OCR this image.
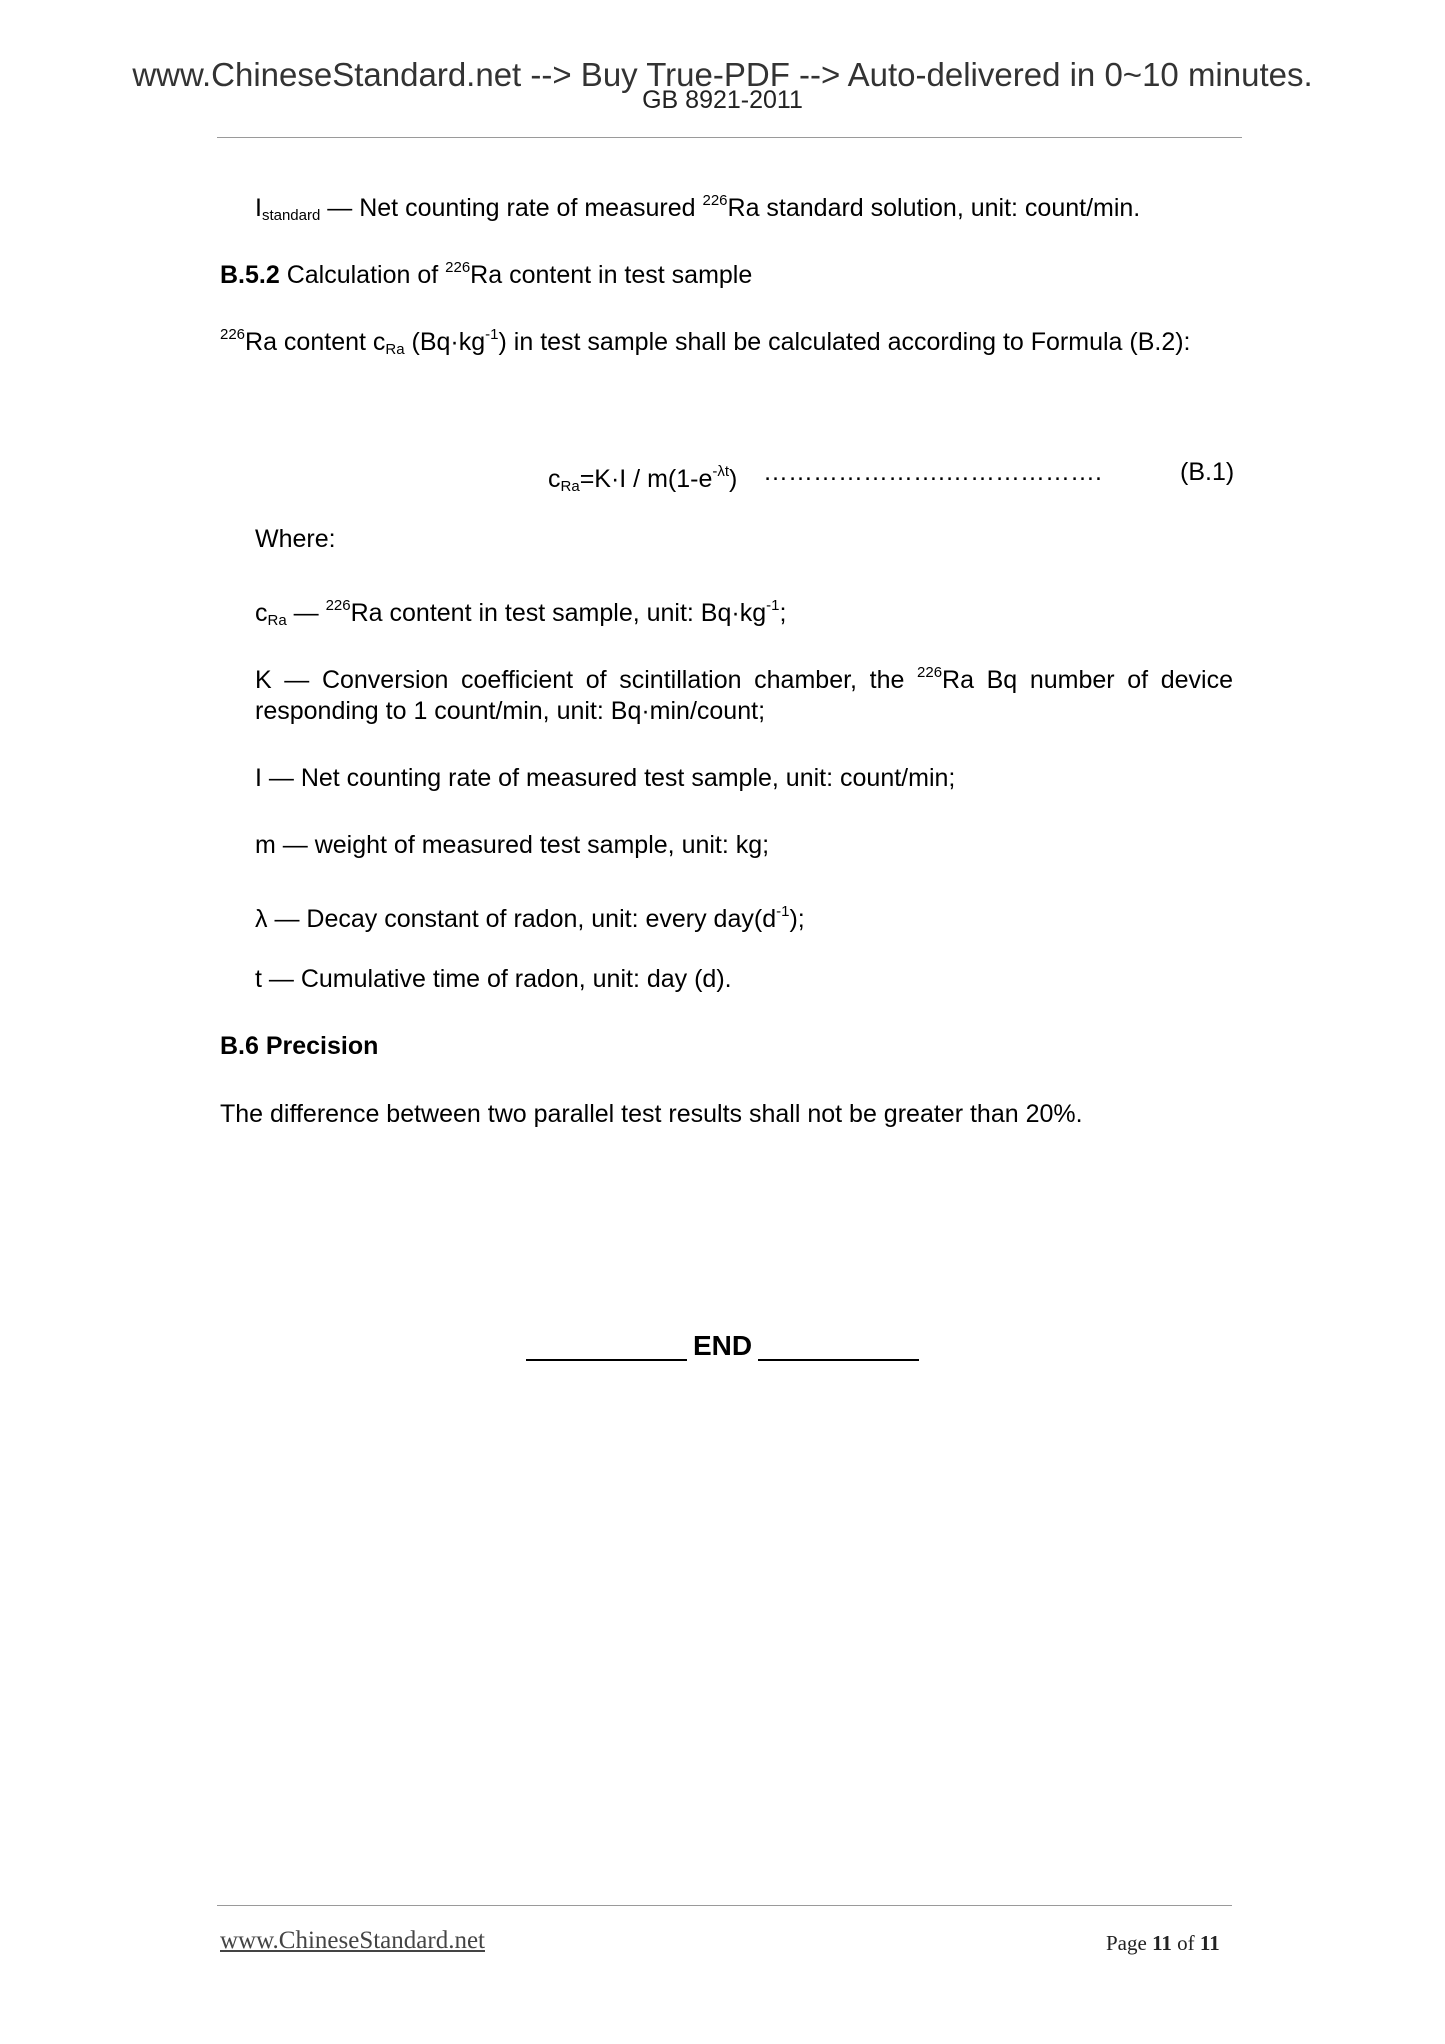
www.ChineseStandard.net --> Buy True-PDF --> Auto-delivered in 0~10 minutes.
GB 8921-2011
$I_{standard}$ — Net counting rate of measured $^{226}$Ra standard solution, unit: count/min.
B.5.2 Calculation of $^{226}$Ra content in test sample
$^{226}$Ra content $c_{Ra}$ $(Bq\cdot kg^{-1})$ in test sample shall be calculated according to Formula (B.2):
$c_{Ra}=K\cdot I / m(1-e^{-\lambda t})$ ………………….……………….	(B.1)
Where:
$c_{Ra}$ — $^{226}$Ra content in test sample, unit: $Bq\cdot kg^{-1}$;
K — Conversion coefficient of scintillation chamber, the $^{226}$Ra Bq number of device
responding to 1 count/min, unit: Bq·min/count;
I — Net counting rate of measured test sample, unit: count/min;
m — weight of measured test sample, unit: kg;
λ — Decay constant of radon, unit: every $day(d^{-1})$;
t — Cumulative time of radon, unit: day (d).
B.6 Precision
The difference between two parallel test results shall not be greater than 20%.
END
www.ChineseStandard.net	Page 11 of 11
